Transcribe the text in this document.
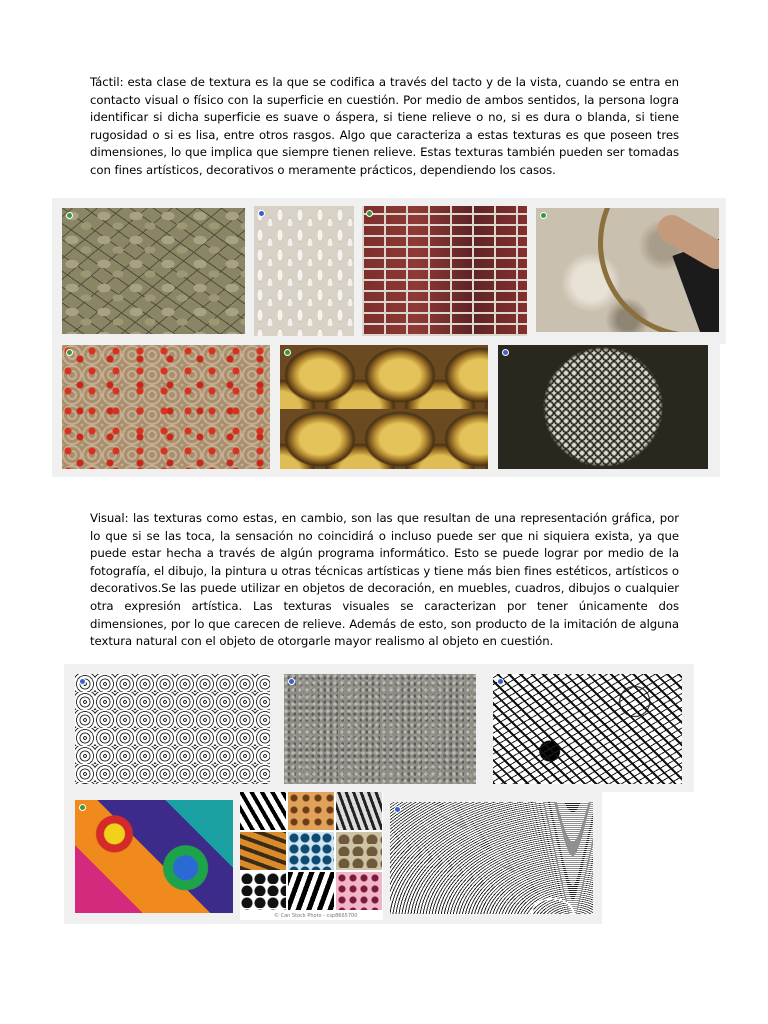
Táctil: esta clase de textura es la que se codifica a través del tacto y de la vista, cuando se entra en contacto visual o físico con la superficie en cuestión. Por medio de ambos sentidos, la persona logra identificar si dicha superficie es suave o áspera, si tiene relieve o no, si es dura o blanda, si tiene rugosidad o si es lisa, entre otros rasgos. Algo que caracteriza a estas texturas es que poseen tres dimensiones, lo que implica que siempre tienen relieve. Estas texturas también pueden ser tomadas con fines artísticos, decorativos o meramente prácticos, dependiendo los casos.

Visual: las texturas como estas, en cambio, son las que resultan de una representación gráfica, por lo que si se las toca, la sensación no coincidirá o incluso puede ser que ni siquiera exista, ya que puede estar hecha a través de algún programa informático. Esto se puede lograr por medio de la fotografía, el dibujo, la pintura u otras técnicas artísticas y tiene más bien fines estéticos, artísticos o decorativos.Se las puede utilizar en objetos de decoración, en muebles, cuadros, dibujos o cualquier otra expresión artística. Las texturas visuales se caracterizan por tener únicamente dos dimensiones, por lo que carecen de relieve. Además de esto, son producto de la imitación de alguna textura natural con el objeto de otorgarle mayor realismo al objeto en cuestión.

© Can Stock Photo - csp8665700
